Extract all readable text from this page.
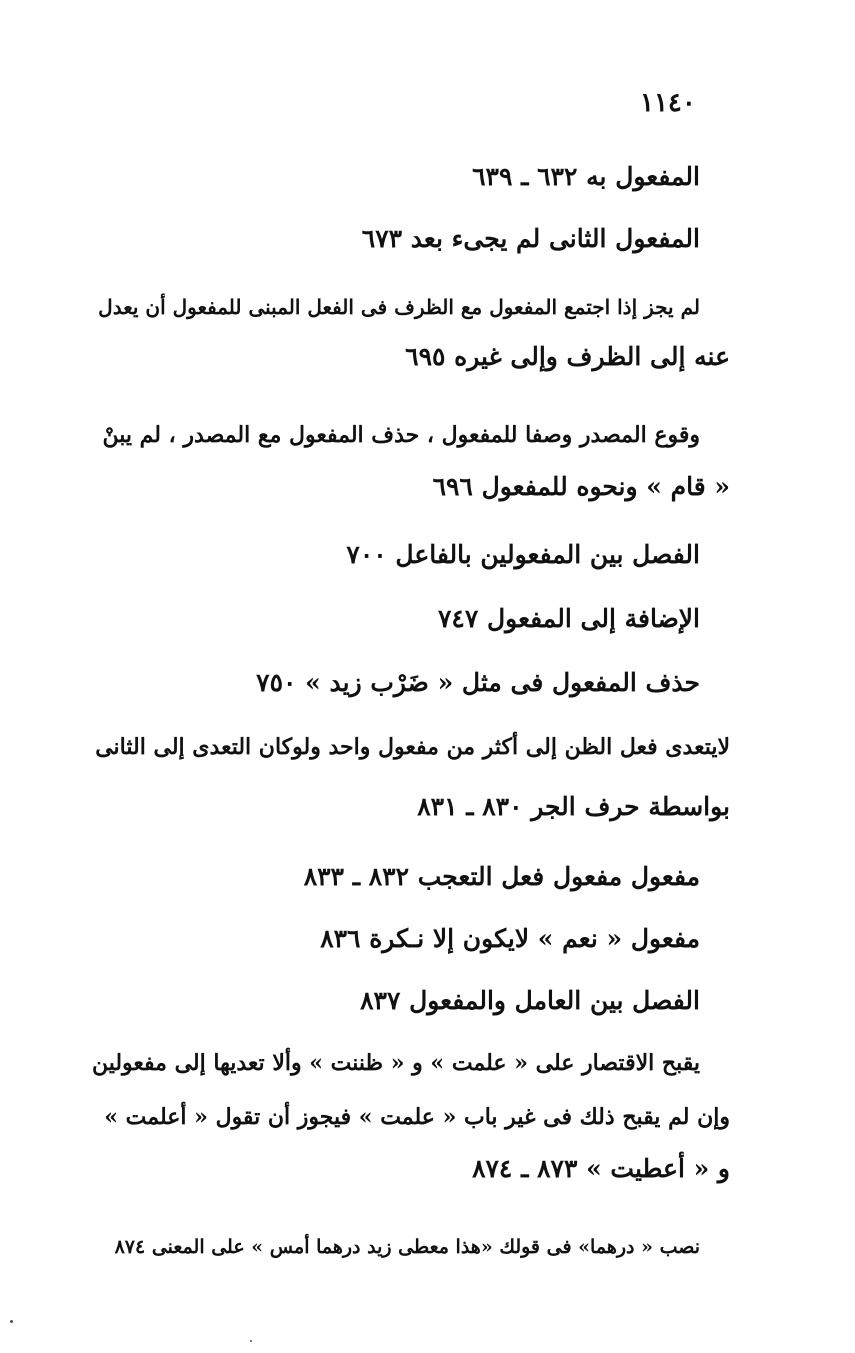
١١٤٠
المفعول به ٦٣٢ ـ ٦٣٩
المفعول الثانى لم يجىء بعد ٦٧٣
لم يجز إذا اجتمع المفعول مع الظرف فى الفعل المبنى للمفعول أن يعدل
عنه إلى الظرف وإلى غيره ٦٩٥
وقوع المصدر وصفا للمفعول ، حذف المفعول مع المصدر ، لم يبنْ
« قام » ونحوه للمفعول ٦٩٦
الفصل بين المفعولين بالفاعل ٧٠٠
الإضافة إلى المفعول ٧٤٧
حذف المفعول فى مثل « ضَرْب زيد » ٧٥٠
لايتعدى فعل الظن إلى أكثر من مفعول واحد ولوكان التعدى إلى الثانى
بواسطة حرف الجر ٨٣٠ ـ ٨٣١
مفعول مفعول فعل التعجب ٨٣٢ ـ ٨٣٣
مفعول « نعم » لايكون إلا نـكرة ٨٣٦
الفصل بين العامل والمفعول ٨٣٧
يقبح الاقتصار على « علمت » و « ظننت » وألا تعديها إلى مفعولين
وإن لم يقبح ذلك فى غير باب « علمت » فيجوز أن تقول « أعلمت »
و « أعطيت » ٨٧٣ ـ ٨٧٤
نصب « درهما» فى قولك «هذا معطى زيد درهما أمس » على المعنى ٨٧٤
